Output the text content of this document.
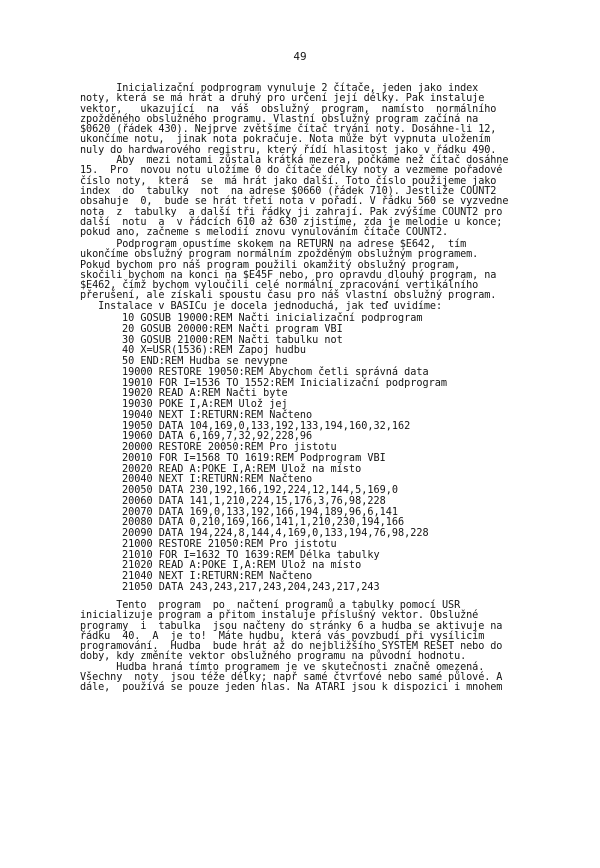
49
Inicializační podprogram vynuluje 2 čítače, jeden jako index
noty, která se má hrát a druhý pro určení její délky. Pak instaluje
vektor,   ukazující  na  váš  obslužný  program,  namísto  normálního
zpožděného obslužného programu. Vlastní obslužný program začíná na
$0620 (řádek 430). Nejprve zvětšíme čítač trvání noty. Dosáhne-li 12,
ukončíme notu,  jinak nota pokračuje. Nota může být vypnuta uložením
nuly do hardwarového registru, který řídí hlasitost jako v řádku 490.
Aby  mezi notami zůstala krátká mezera, počkáme než čítač dosáhne
15.  Pro  novou notu uložíme 0 do čítače délky noty a vezmeme pořadové
číslo noty,  která  se  má hrát jako další. Toto číslo použijeme jako
index  do  tabulky  not  na adrese $0660 (řádek 710). Jestliže COUNT2
obsahuje  0,  bude se hrát třetí nota v pořadí. V řádku 560 se vyzvedne
nota  z  tabulky  a další tři řádky ji zahrají. Pak zvýšíme COUNT2 pro
další  notu  a  v řádcích 610 až 630 zjistíme, zda je melodie u konce;
pokud ano, začneme s melodií znovu vynulováním čítače COUNT2.
Podprogram opustíme skokem na RETURN na adrese $E642,  tím
ukončíme obslužný program normálním zpožděným obslužným programem.
Pokud bychom pro náš program použili okamžitý obslužný program,
skočili bychom na konci na $E45F nebo, pro opravdu dlouhý program, na
$E462, čímž bychom vyloučili celé normální zpracování vertikálního
přerušení, ale získali spoustu času pro náš vlastní obslužný program.
Instalace v BASICu je docela jednoduchá, jak teď uvidíme:
10 GOSUB 19000:REM Načti inicializační podprogram
20 GOSUB 20000:REM Načti program VBI
30 GOSUB 21000:REM Načti tabulku not
40 X=USR(1536):REM Zapoj hudbu
50 END:REM Hudba se nevypne
19000 RESTORE 19050:REM Abychom četli správná data
19010 FOR I=1536 TO 1552:REM Inicializační podprogram
19020 READ A:REM Načti byte
19030 POKE I,A:REM Ulož jej
19040 NEXT I:RETURN:REM Načteno
19050 DATA 104,169,0,133,192,133,194,160,32,162
19060 DATA 6,169,7,32,92,228,96
20000 RESTORE 20050:REM Pro jistotu
20010 FOR I=1568 TO 1619:REM Podprogram VBI
20020 READ A:POKE I,A:REM Ulož na místo
20040 NEXT I:RETURN:REM Načteno
20050 DATA 230,192,166,192,224,12,144,5,169,0
20060 DATA 141,1,210,224,15,176,3,76,98,228
20070 DATA 169,0,133,192,166,194,189,96,6,141
20080 DATA 0,210,169,166,141,1,210,230,194,166
20090 DATA 194,224,8,144,4,169,0,133,194,76,98,228
21000 RESTORE 21050:REM Pro jistotu
21010 FOR I=1632 TO 1639:REM Délka tabulky
21020 READ A:POKE I,A:REM Ulož na místo
21040 NEXT I:RETURN:REM Načteno
21050 DATA 243,243,217,243,204,243,217,243
Tento  program  po  načtení programů a tabulky pomocí USR
inicializuje program a přitom instaluje příslušný vektor. Obslužné
programy  i  tabulka  jsou načteny do stránky 6 a hudba se aktivuje na
řádku  40.  A  je to!  Máte hudbu, která vás povzbudí při vysílicím
programování.  Hudba  bude hrát až do nejbližšího SYSTEM RESET nebo do
doby, kdy změníte vektor obslužného programu na původní hodnotu.
Hudba hraná tímto programem je ve skutečnosti značně omezená.
Všechny  noty  jsou téže délky; např samé čtvrťové nebo samé půlové. A
dále,  používá se pouze jeden hlas. Na ATARI jsou k dispozici i mnohem
